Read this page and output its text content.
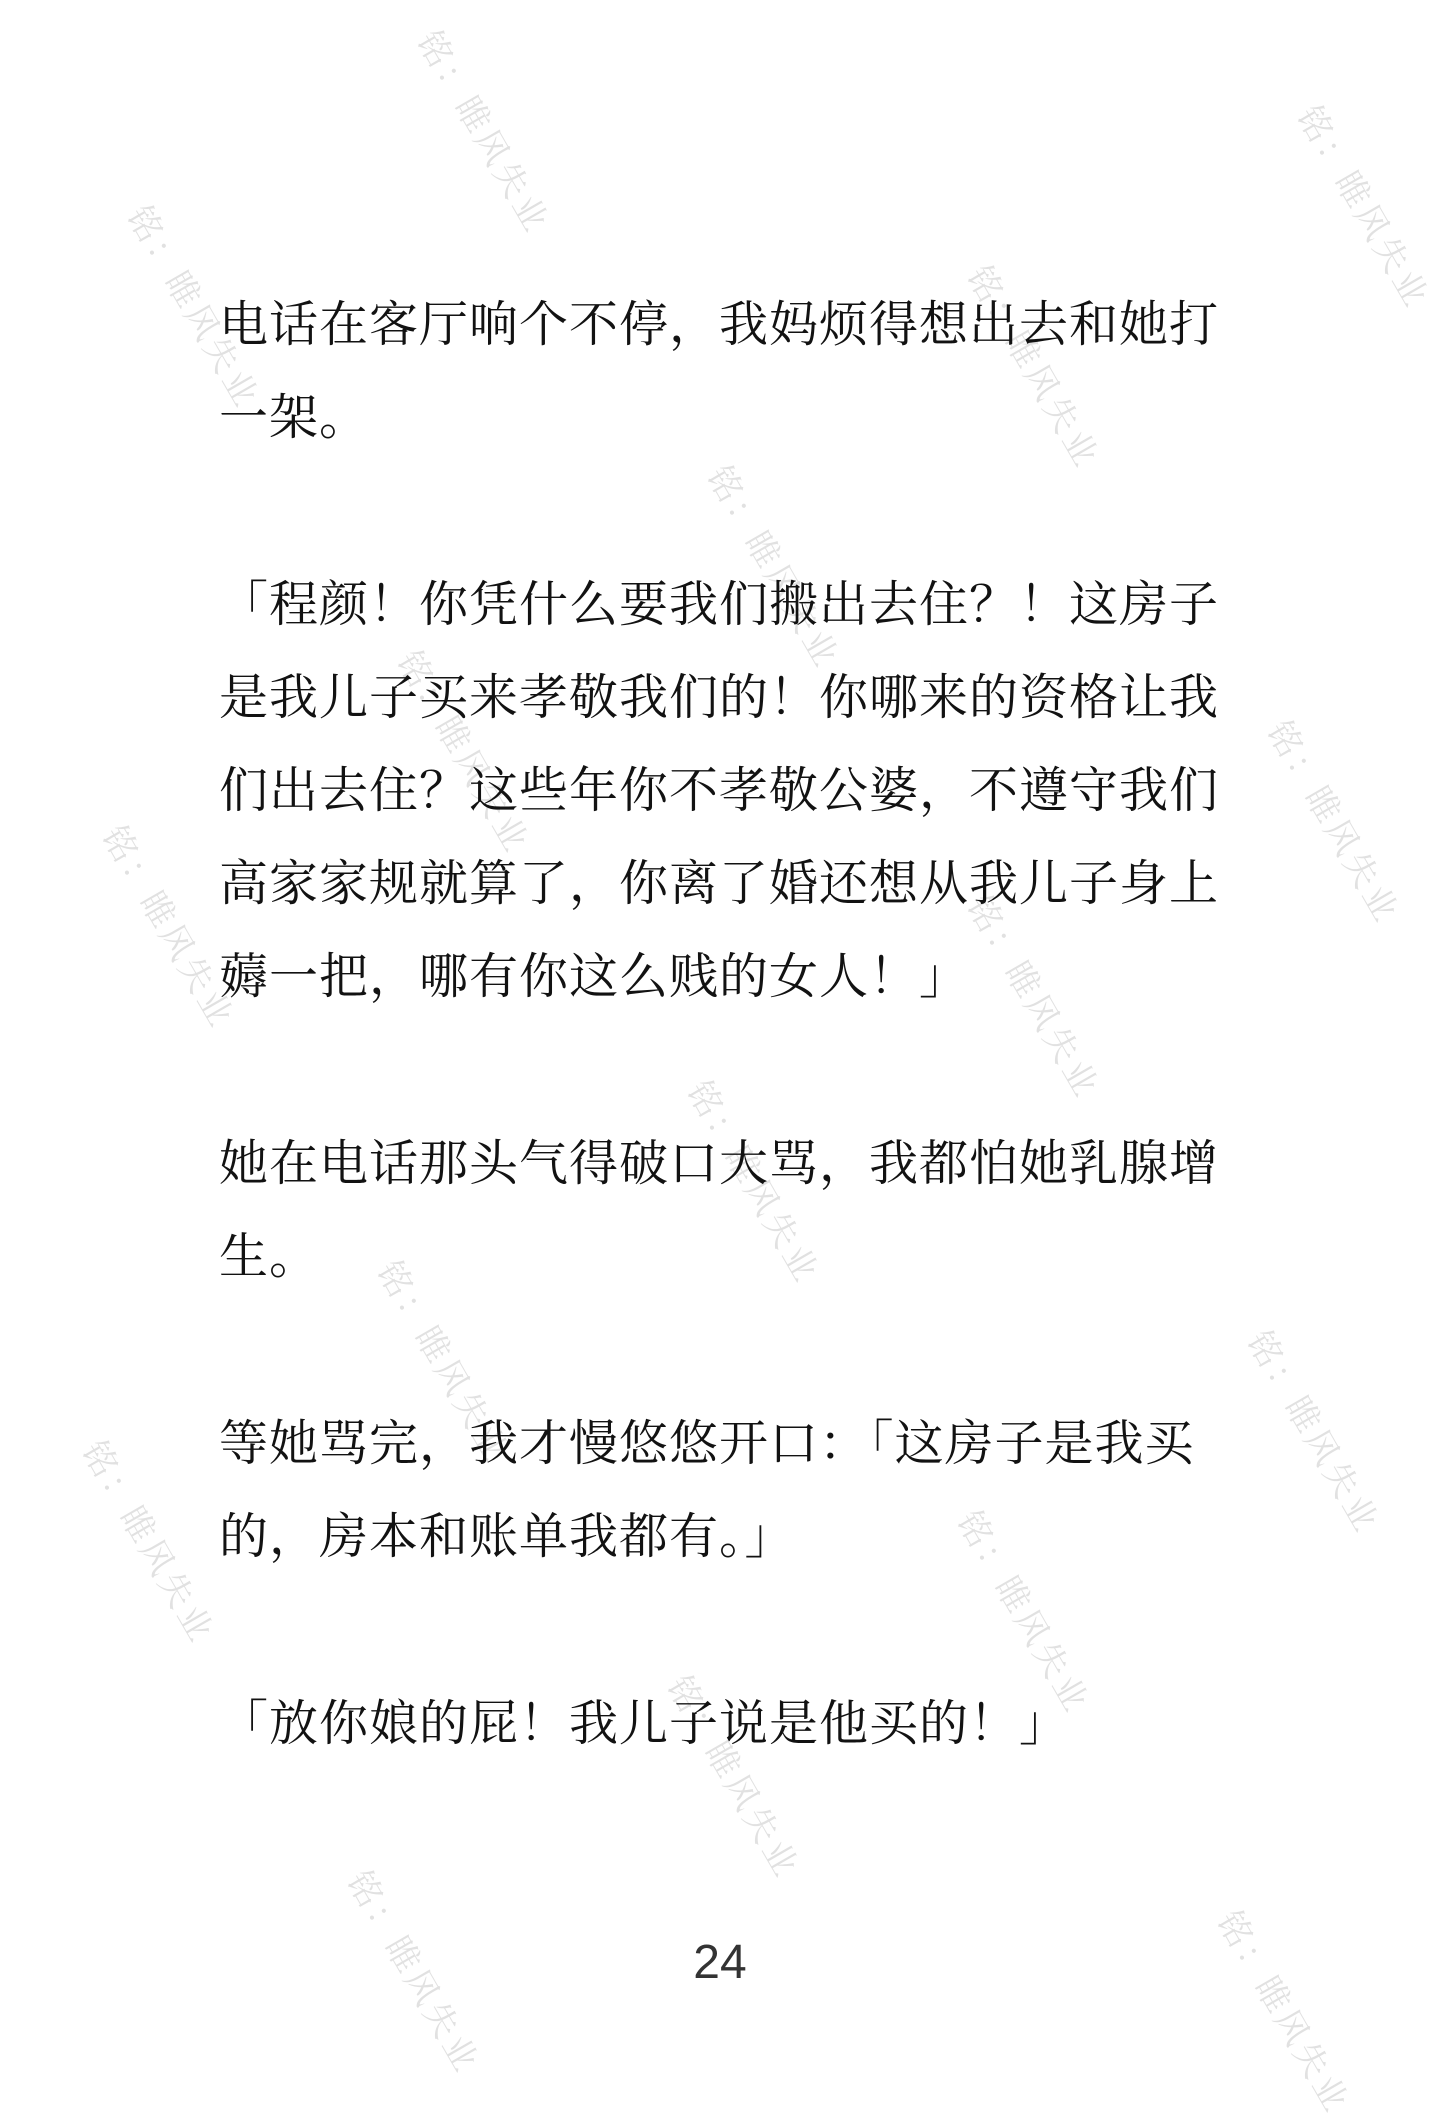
铭：睢风失业	铭：睢风失业
铭：睢风失业	铭：睢风失业
铭：睢风失业
铭：睢风失业	铭：睢风失业
铭：睢风失业	铭：睢风失业
铭：睢风失业
铭：睢风失业	铭：睢风失业
铭：睢风失业	铭：睢风失业
铭：睢风失业
铭：睢风失业	铭：睢风失业

电话在客厅响个不停，我妈烦得想出去和她打一架。

「程颜！你凭什么要我们搬出去住？！这房子是我儿子买来孝敬我们的！你哪来的资格让我们出去住？这些年你不孝敬公婆，不遵守我们高家家规就算了，你离了婚还想从我儿子身上薅一把，哪有你这么贱的女人！」

她在电话那头气得破口大骂，我都怕她乳腺增生。

等她骂完，我才慢悠悠开口：「这房子是我买的，房本和账单我都有。」

「放你娘的屁！我儿子说是他买的！」

24
